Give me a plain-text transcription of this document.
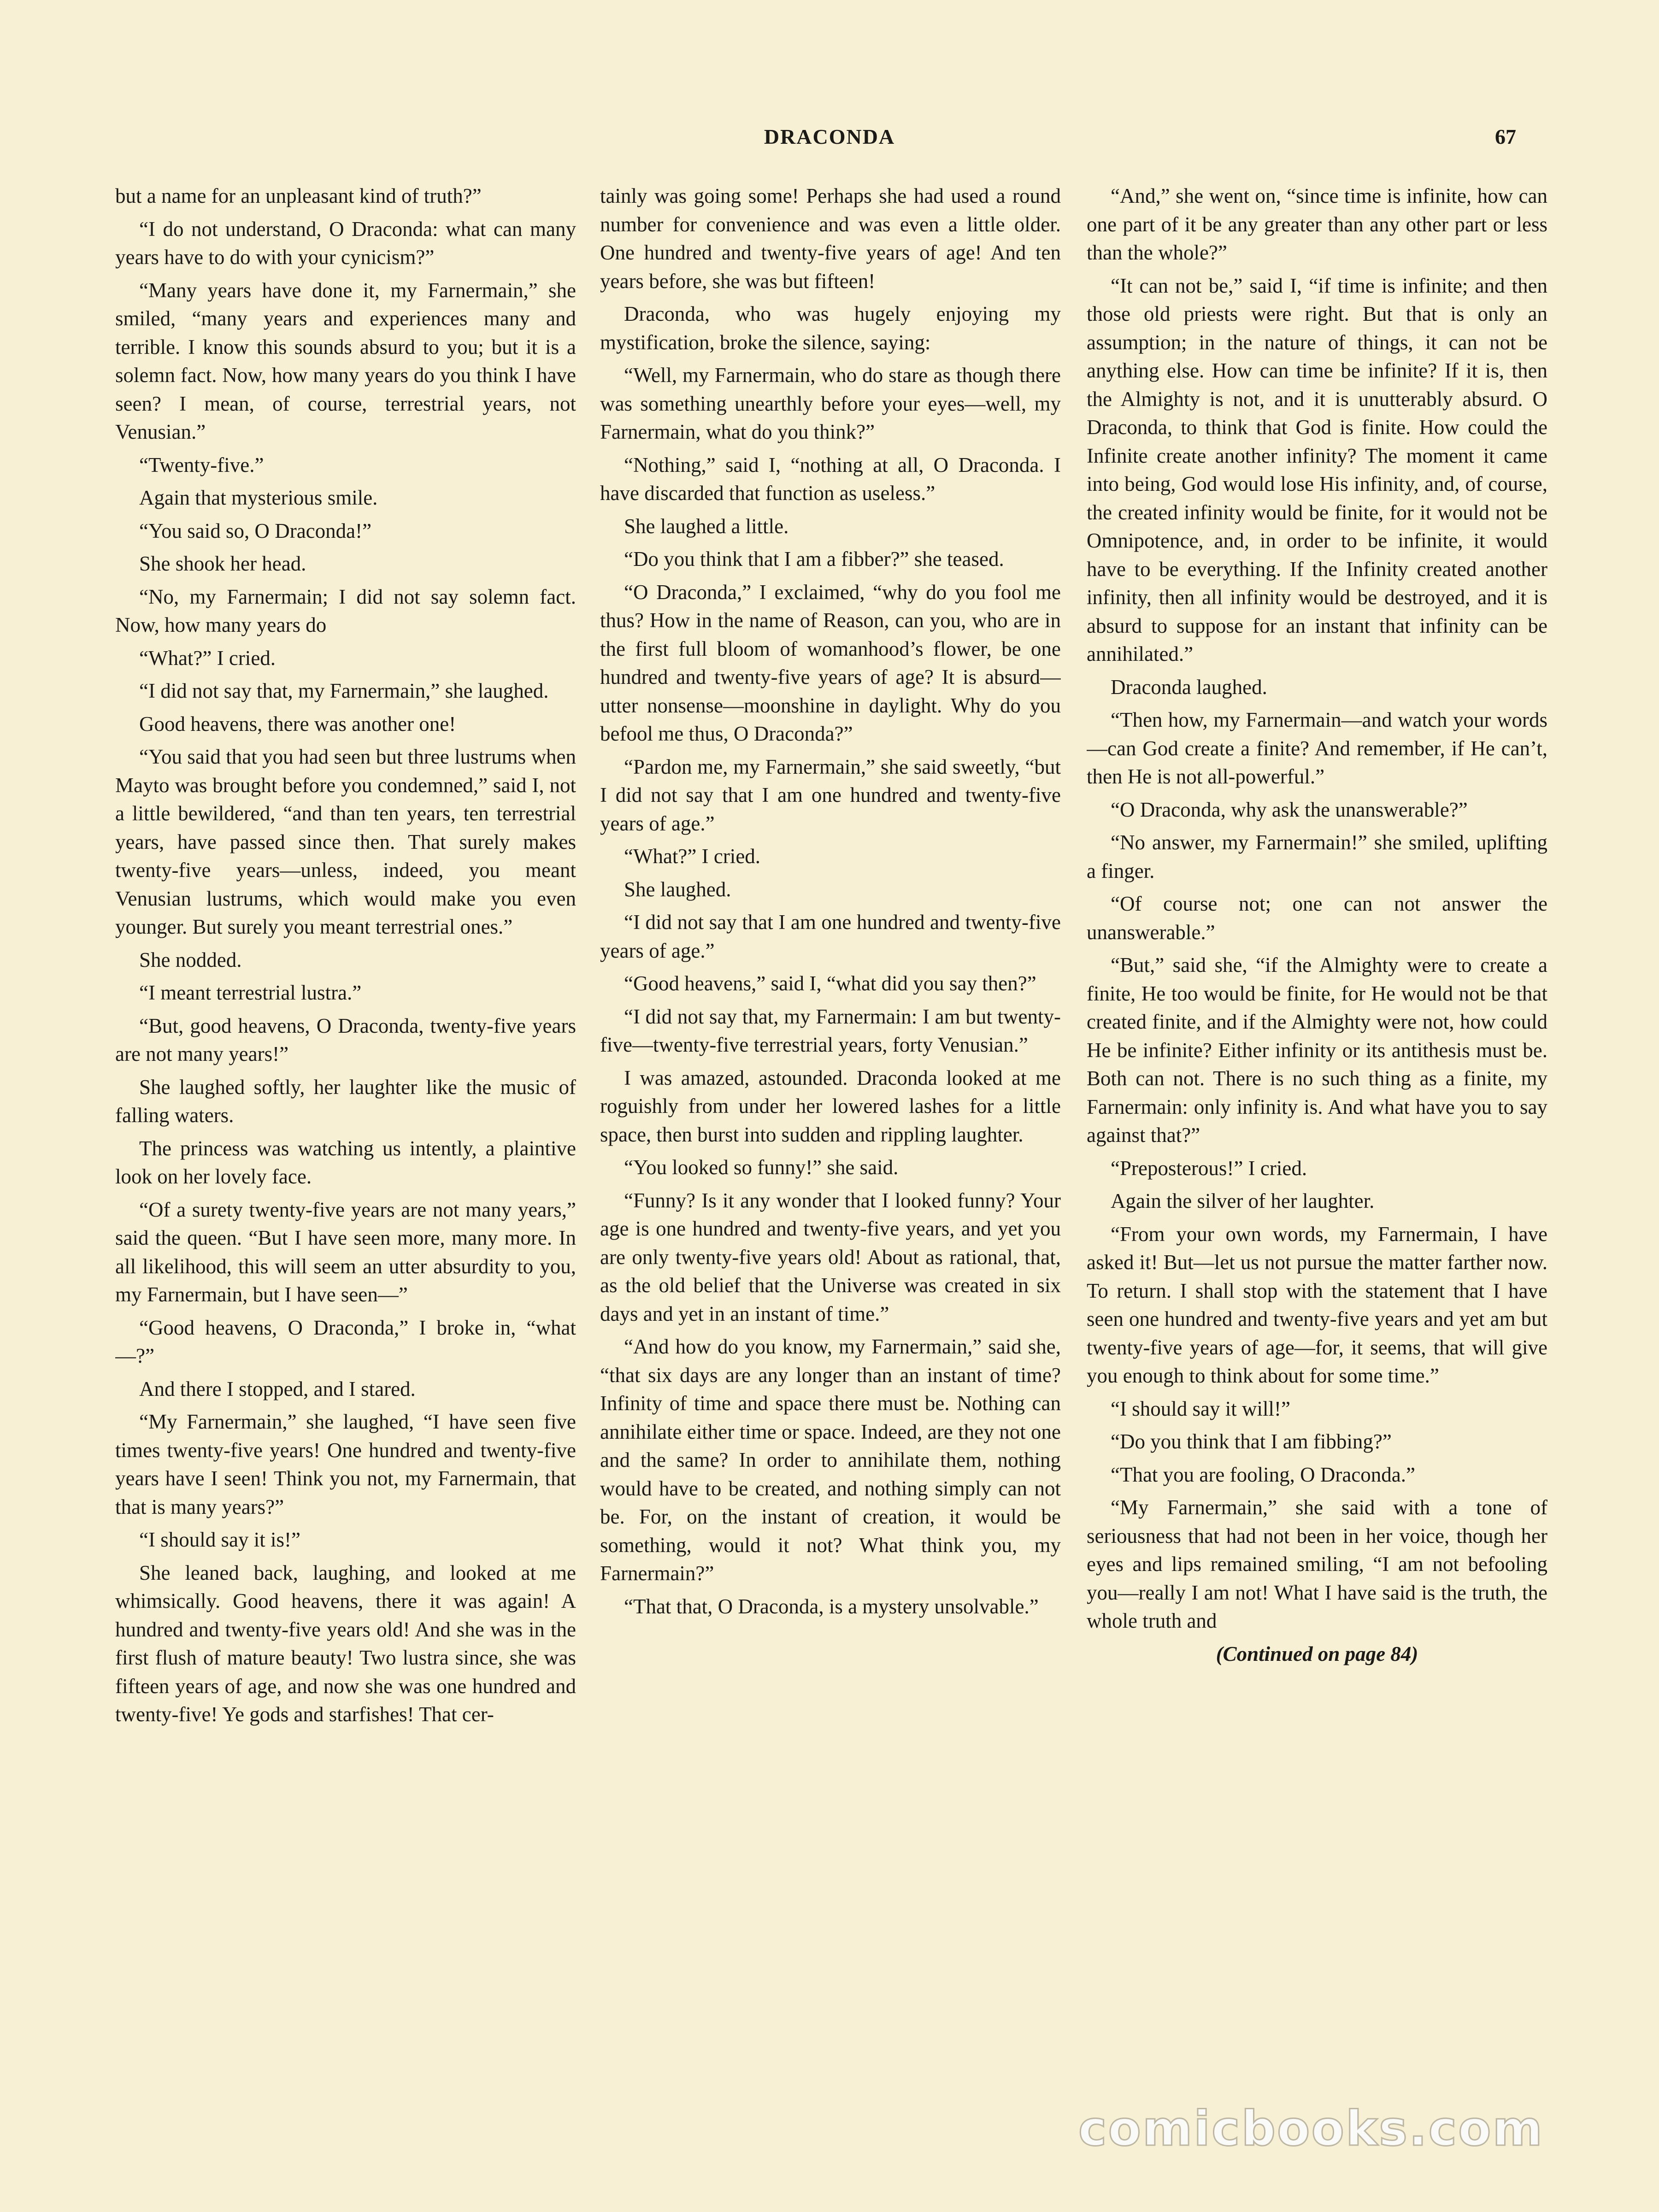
DRACONDA	67

but a name for an unpleasant kind of truth?”

“I do not understand, O Draconda: what can many years have to do with your cynicism?”

“Many years have done it, my Farnermain,” she smiled, “many years and experiences many and terrible. I know this sounds absurd to you; but it is a solemn fact. Now, how many years do you think I have seen? I mean, of course, terrestrial years, not Venusian.”

“Twenty-five.”

Again that mysterious smile.

“You said so, O Draconda!”

She shook her head.

“No, my Farnermain; I did not say solemn fact. Now, how many years do

“What?” I cried.

“I did not say that, my Farnermain,” she laughed.

Good heavens, there was another one!

“You said that you had seen but three lustrums when Mayto was brought before you condemned,” said I, not a little bewildered, “and than ten years, ten terrestrial years, have passed since then. That surely makes twenty-five years—unless, indeed, you meant Venusian lustrums, which would make you even younger. But surely you meant terrestrial ones.”

She nodded.

“I meant terrestrial lustra.”

“But, good heavens, O Draconda, twenty-five years are not many years!”

She laughed softly, her laughter like the music of falling waters.

The princess was watching us intently, a plaintive look on her lovely face.

“Of a surety twenty-five years are not many years,” said the queen. “But I have seen more, many more. In all likelihood, this will seem an utter absurdity to you, my Farnermain, but I have seen—”

“Good heavens, O Draconda,” I broke in, “what—?”

And there I stopped, and I stared.

“My Farnermain,” she laughed, “I have seen five times twenty-five years! One hundred and twenty-five years have I seen! Think you not, my Farnermain, that that is many years?”

“I should say it is!”

She leaned back, laughing, and looked at me whimsically. Good heavens, there it was again! A hundred and twenty-five years old! And she was in the first flush of mature beauty! Two lustra since, she was fifteen years of age, and now she was one hundred and twenty-five! Ye gods and starfishes! That cer-

tainly was going some! Perhaps she had used a round number for convenience and was even a little older. One hundred and twenty-five years of age! And ten years before, she was but fifteen!

Draconda, who was hugely enjoying my mystification, broke the silence, saying:

“Well, my Farnermain, who do stare as though there was something unearthly before your eyes—well, my Farnermain, what do you think?”

“Nothing,” said I, “nothing at all, O Draconda. I have discarded that function as useless.”

She laughed a little.

“Do you think that I am a fibber?” she teased.

“O Draconda,” I exclaimed, “why do you fool me thus? How in the name of Reason, can you, who are in the first full bloom of womanhood’s flower, be one hundred and twenty-five years of age? It is absurd—utter nonsense—moonshine in daylight. Why do you befool me thus, O Draconda?”

“Pardon me, my Farnermain,” she said sweetly, “but I did not say that I am one hundred and twenty-five years of age.”

“What?” I cried.

She laughed.

“I did not say that I am one hundred and twenty-five years of age.”

“Good heavens,” said I, “what did you say then?”

“I did not say that, my Farnermain: I am but twenty-five—twenty-five terrestrial years, forty Venusian.”

I was amazed, astounded. Draconda looked at me roguishly from under her lowered lashes for a little space, then burst into sudden and rippling laughter.

“You looked so funny!” she said.

“Funny? Is it any wonder that I looked funny? Your age is one hundred and twenty-five years, and yet you are only twenty-five years old! About as rational, that, as the old belief that the Universe was created in six days and yet in an instant of time.”

“And how do you know, my Farnermain,” said she, “that six days are any longer than an instant of time? Infinity of time and space there must be. Nothing can annihilate either time or space. Indeed, are they not one and the same? In order to annihilate them, nothing would have to be created, and nothing simply can not be. For, on the instant of creation, it would be something, would it not? What think you, my Farnermain?”

“That that, O Draconda, is a mystery unsolvable.”

“And,” she went on, “since time is infinite, how can one part of it be any greater than any other part or less than the whole?”

“It can not be,” said I, “if time is infinite; and then those old priests were right. But that is only an assumption; in the nature of things, it can not be anything else. How can time be infinite? If it is, then the Almighty is not, and it is unutterably absurd. O Draconda, to think that God is finite. How could the Infinite create another infinity? The moment it came into being, God would lose His infinity, and, of course, the created infinity would be finite, for it would not be Omnipotence, and, in order to be infinite, it would have to be everything. If the Infinity created another infinity, then all infinity would be destroyed, and it is absurd to suppose for an instant that infinity can be annihilated.”

Draconda laughed.

“Then how, my Farnermain—and watch your words—can God create a finite? And remember, if He can’t, then He is not all-powerful.”

“O Draconda, why ask the unanswerable?”

“No answer, my Farnermain!” she smiled, uplifting a finger.

“Of course not; one can not answer the unanswerable.”

“But,” said she, “if the Almighty were to create a finite, He too would be finite, for He would not be that created finite, and if the Almighty were not, how could He be infinite? Either infinity or its antithesis must be. Both can not. There is no such thing as a finite, my Farnermain: only infinity is. And what have you to say against that?”

“Preposterous!” I cried.

Again the silver of her laughter.

“From your own words, my Farnermain, I have asked it! But—let us not pursue the matter farther now. To return. I shall stop with the statement that I have seen one hundred and twenty-five years and yet am but twenty-five years of age—for, it seems, that will give you enough to think about for some time.”

“I should say it will!”

“Do you think that I am fibbing?”

“That you are fooling, O Draconda.”

“My Farnermain,” she said with a tone of seriousness that had not been in her voice, though her eyes and lips remained smiling, “I am not befooling you—really I am not! What I have said is the truth, the whole truth and

(Continued on page 84)

comicbooks.com
